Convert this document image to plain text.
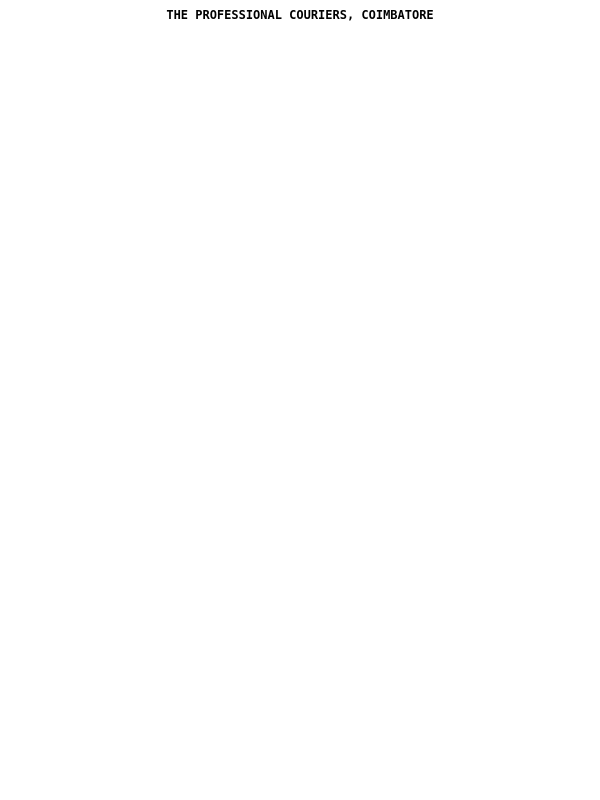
THE PROFESSIONAL COURIERS, COIMBATORE
